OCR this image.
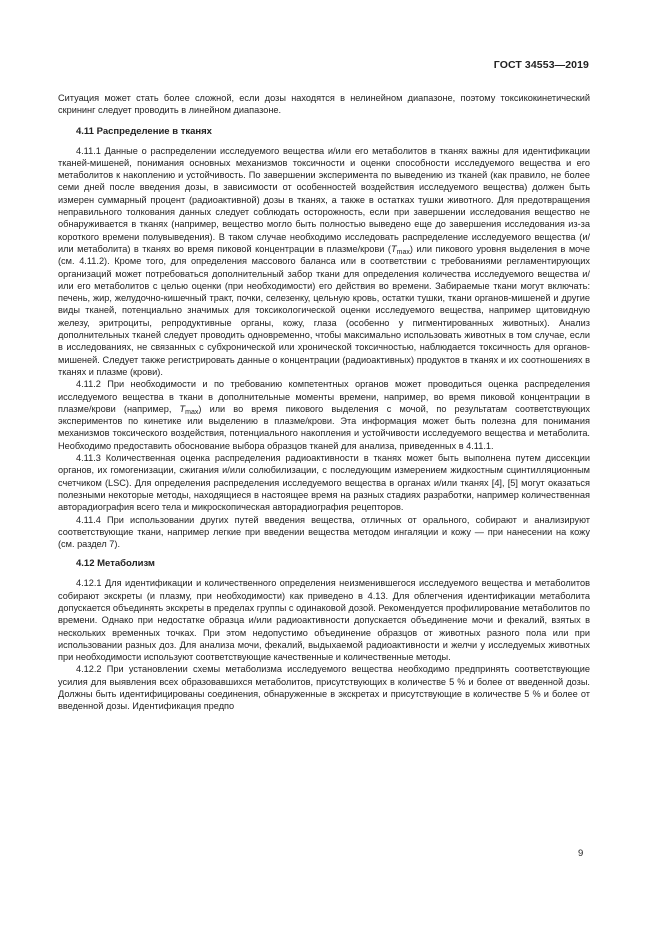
ГОСТ 34553—2019

Ситуация может стать более сложной, если дозы находятся в нелинейном диапазоне, поэтому токсикокинетический скрининг следует проводить в линейном диапазоне.

4.11 Распределение в тканях

4.11.1 Данные о распределении исследуемого вещества и/или его метаболитов в тканях важны для идентификации тканей-мишеней, понимания основных механизмов токсичности и оценки способности исследуемого вещества и его метаболитов к накоплению и устойчивость. По завершении эксперимента по выведению из тканей (как правило, не более семи дней после введения дозы, в зависимости от особенностей воздействия исследуемого вещества) должен быть измерен суммарный процент (радиоактивной) дозы в тканях, а также в остатках тушки животного. Для предотвращения неправильного толкования данных следует соблюдать осторожность, если при завершении исследования вещество не обнаруживается в тканях (например, вещество могло быть полностью выведено еще до завершения исследования из-за короткого времени полувыведения). В таком случае необходимо исследовать распределение исследуемого вещества (и/или метаболита) в тканях во время пиковой концентрации в плазме/крови $(T_{max})$ или пикового уровня выделения в моче (см. 4.11.2). Кроме того, для определения массового баланса или в соответствии с требованиями регламентирующих организаций может потребоваться дополнительный забор ткани для определения количества исследуемого вещества и/или его метаболитов с целью оценки (при необходимости) его действия во времени. Забираемые ткани могут включать: печень, жир, желудочно-кишечный тракт, почки, селезенку, цельную кровь, остатки тушки, ткани органов-мишеней и другие виды тканей, потенциально значимых для токсикологической оценки исследуемого вещества, например щитовидную железу, эритроциты, репродуктивные органы, кожу, глаза (особенно у пигментированных животных). Анализ дополнительных тканей следует проводить одновременно, чтобы максимально использовать животных в том случае, если в исследованиях, не связанных с субхронической или хронической токсичностью, наблюдается токсичность для органов-мишеней. Следует также регистрировать данные о концентрации (радиоактивных) продуктов в тканях и их соотношениях в тканях и плазме (крови).

4.11.2 При необходимости и по требованию компетентных органов может проводиться оценка распределения исследуемого вещества в ткани в дополнительные моменты времени, например, во время пиковой концентрации в плазме/крови (например, $T_{max}$) или во время пикового выделения с мочой, по результатам соответствующих экспериментов по кинетике или выделению в плазме/крови. Эта информация может быть полезна для понимания механизмов токсического воздействия, потенциального накопления и устойчивости исследуемого вещества и метаболита. Необходимо предоставить обоснование выбора образцов тканей для анализа, приведенных в 4.11.1.

4.11.3 Количественная оценка распределения радиоактивности в тканях может быть выполнена путем диссекции органов, их гомогенизации, сжигания и/или солюбилизации, с последующим измерением жидкостным сцинтилляционным счетчиком (LSC). Для определения распределения исследуемого вещества в органах и/или тканях [4], [5] могут оказаться полезными некоторые методы, находящиеся в настоящее время на разных стадиях разработки, например количественная авторадиография всего тела и микроскопическая авторадиография рецепторов.

4.11.4 При использовании других путей введения вещества, отличных от орального, собирают и анализируют соответствующие ткани, например легкие при введении вещества методом ингаляции и кожу — при нанесении на кожу (см. раздел 7).

4.12 Метаболизм

4.12.1 Для идентификации и количественного определения неизменившегося исследуемого вещества и метаболитов собирают экскреты (и плазму, при необходимости) как приведено в 4.13. Для облегчения идентификации метаболита допускается объединять экскреты в пределах группы с одинаковой дозой. Рекомендуется профилирование метаболитов по времени. Однако при недостатке образца и/или радиоактивности допускается объединение мочи и фекалий, взятых в нескольких временных точках. При этом недопустимо объединение образцов от животных разного пола или при использовании разных доз. Для анализа мочи, фекалий, выдыхаемой радиоактивности и желчи у исследуемых животных при необходимости используют соответствующие качественные и количественные методы.

4.12.2 При установлении схемы метаболизма исследуемого вещества необходимо предпринять соответствующие усилия для выявления всех образовавшихся метаболитов, присутствующих в количестве 5 % и более от введенной дозы. Должны быть идентифицированы соединения, обнаруженные в экскретах и присутствующие в количестве 5 % и более от введенной дозы. Идентификация предпо

9
